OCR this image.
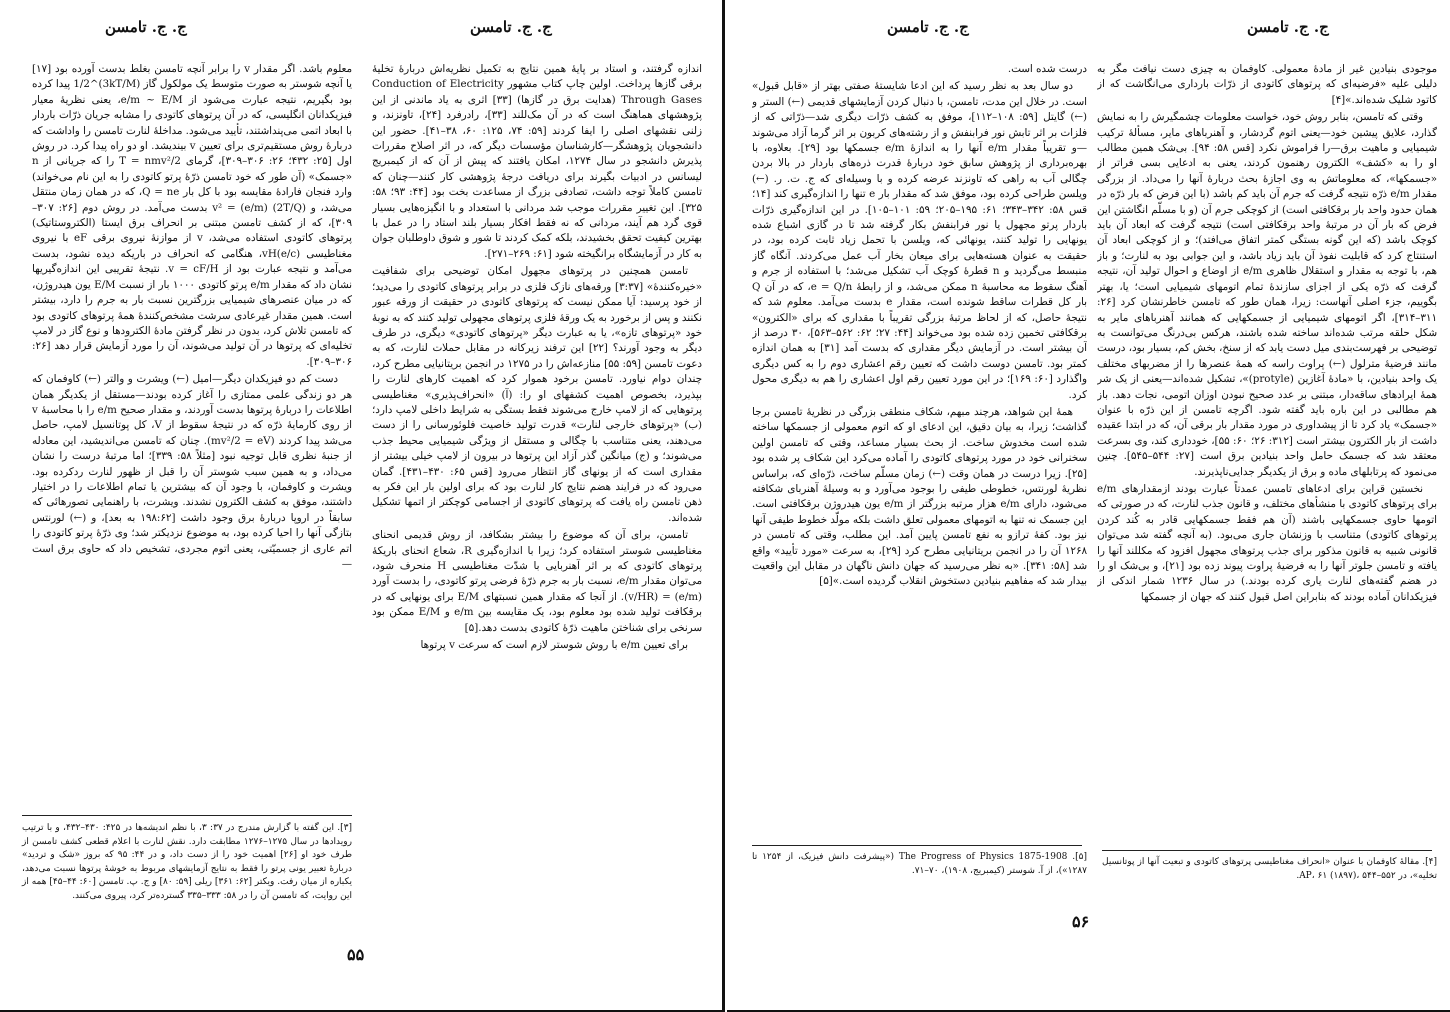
ج. ج. تامسن	ج. ج. تامسن

اندازه گرفتند، و استاد بر پایهٔ همین نتایج به تکمیل نظریه‌اش دربارهٔ تخلیهٔ برقی گازها پرداخت. اولین چاپ کتاب مشهور Conduction of Electricity Through Gases (هدایت برق در گازها) [۳۳] اثری به یاد ماندنی از این پژوهشهای هماهنگ است که در آن مک‌للند [۳۳]، رادرفرد [۲۴]، تاونزند، و زلنی نقشهای اصلی را ایفا کردند [۵۹: ۷۴، ۱۲۵: ۶۰، ۳۸–۴۱]. حضور این دانشجویان پژوهشگر—کارشناسان مؤسسات دیگر که، در اثر اصلاح مقررات پذیرش دانشجو در سال ۱۲۷۴، امکان یافتند که پیش از آن که از کیمبریج لیسانس در ادبیات بگیرند برای دریافت درجهٔ پژوهشی کار کنند—چنان که تامسن کاملاً توجه داشت، تصادفی بزرگ از مساعدت بخت بود [۴۴: ۹۳؛ ۵۸: ۳۲۵]. این تغییر مقررات موجب شد مردانی با استعداد و با انگیزه‌هایی بسیار قوی گرد هم آیند، مردانی که نه فقط افکار بسیار بلند استاد را در عمل با بهترین کیفیت تحقق بخشیدند، بلکه کمک کردند تا شور و شوق داوطلبان جوان به کار در آزمایشگاه برانگیخته شود [۶۱: ۲۶۹–۲۷۱].

تامسن همچنین در پرتوهای مجهول امکان توضیحی برای شفافیت «خیره‌کنندهٔ» [۳:۳۷] ورقه‌های نازک فلزی در برابر پرتوهای کاتودی را می‌دید؛ از خود پرسید: آیا ممکن نیست که پرتوهای کاتودی در حقیقت از ورقه عبور نکنند و پس از برخورد به یک ورقهٔ فلزی پرتوهای مجهولی تولید کنند که به نوبهٔ خود «پرتوهای تازه»، یا به عبارت دیگر «پرتوهای کاتودی» دیگری، در طرف دیگر به وجود آورند؟ [۲۲] این ترفند زیرکانه در مقابل حملات لنارت، که به دعوت تامسن [۵۹: ۵۵] منازعه‌اش را در ۱۲۷۵ در انجمن بریتانیایی مطرح کرد، چندان دوام نیاورد. تامسن برخود هموار کرد که اهمیت کارهای لنارت را بپذیرد، بخصوص اهمیت کشفهای او را: (آ) «انحراف‌پذیری» مغناطیسی پرتوهایی که از لامپ خارج می‌شوند فقط بستگی به شرایط داخلی لامپ دارد؛ (ب) «پرتوهای خارجی لنارت» قدرت تولید خاصیت فلوئورسانی را از دست می‌دهند، یعنی متناسب با چگالی و مستقل از ویژگی شیمیایی محیط جذب می‌شوند؛ و (ج) میانگین گذر آزاد این پرتوها در بیرون از لامپ خیلی بیشتر از مقداری است که از یونهای گاز انتظار می‌رود [قس ۶۵: ۴۳۰–۴۳۱]. گمان می‌رود که در فرایند هضم نتایج کار لنارت بود که برای اولین بار این فکر به ذهن تامسن راه یافت که پرتوهای کاتودی از اجسامی کوچکتر از اتمها تشکیل شده‌اند.

تامسن، برای آن که موضوع را بیشتر بشکافد، از روش قدیمی انحنای مغناطیسی شوستر استفاده کرد؛ زیرا با اندازه‌گیری R، شعاع انحنای باریکهٔ پرتوهای کاتودی که بر اثر آهنربایی با شدّت مغناطیسی H منحرف شود، می‌توان مقدار e/m، نسبت بار به جرم ذرّهٔ فرضی پرتو کاتودی، را بدست آورد (e/m) = (v/HR). از آنجا که مقدار همین نسبتهای E/M برای یونهایی که در برقکافت تولید شده بود معلوم بود، یک مقایسه بین e/m و E/M ممکن بود سرنخی برای شناختن ماهیت ذرّهٔ کاتودی بدست دهد.[۵]

برای تعیین e/m با روش شوستر لازم است که سرعت v پرتوها

معلوم باشد. اگر مقدار v را برابر آنچه تامسن بغلط بدست آورده بود [۱۷] یا آنچه شوستر به صورت متوسط یک مولکول گاز (3kT/M)^1/2 پیدا کرده بود بگیریم، نتیجه عبارت می‌شود از e/m ~ E/M، یعنی نظریهٔ معیار فیزیکدانان انگلیسی، که در آن پرتوهای کاتودی را مشابه جریان ذرّات باردار با ابعاد اتمی می‌پنداشتند، تأیید می‌شود. مداخلهٔ لنارت تامسن را واداشت که دربارهٔ روش مستقیم‌تری برای تعیین v بیندیشد. او دو راه پیدا کرد. در روش اول [۲۵: ۴۳۲؛ ۲۶: ۳۰۶–۳۰۹]، گرمای T = nmv²/2 را که جریانی از n «جسمک» (آن طور که خود تامسن ذرّهٔ پرتو کاتودی را به این نام می‌خواند) وارد فنجان فارادهٔ مقایسه بود با کل بار Q = ne، که در همان زمان منتقل می‌شد، و (2T/Q) v² = (e/m) بدست می‌آمد. در روش دوم [۲۶: ۳۰۷–۳۰۹]، که از کشف تامسن مبتنی بر انحراف برق ایستا (الکتروستاتیک) پرتوهای کاتودی استفاده می‌شد، v از موازنهٔ نیروی برقی eF با نیروی مغناطیسی (e/c)vH، هنگامی که انحراف در باریکه دیده نشود، بدست می‌آمد و نتیجه عبارت بود از v = cF/H. نتیجهٔ تقریبی این اندازه‌گیریها نشان داد که مقدار e/m پرتو کاتودی ۱۰۰۰ بار از نسبت E/M یون هیدروژن، که در میان عنصرهای شیمیایی بزرگترین نسبت بار به جرم را دارد، بیشتر است. همین مقدار غیرعادی سرشت مشخص‌کنندهٔ همهٔ پرتوهای کاتودی بود که تامسن تلاش کرد، بدون در نظر گرفتن مادهٔ الکترودها و نوع گاز در لامپ تخلیه‌ای که پرتوها در آن تولید می‌شوند، آن را مورد آزمایش قرار دهد [۲۶: ۳۰۶–۳۰۹].

دست کم دو فیزیکدان دیگر—امیل (←) ویشرت و والتر (←) کاوفمان که هر دو زندگی علمی ممتازی را آغاز کرده بودند—مستقل از یکدیگر همان اطلاعات را دربارهٔ پرتوها بدست آوردند، و مقدار صحیح e/m را با محاسبهٔ v از روی کارمایهٔ ذرّه که در نتیجهٔ سقوط از V، کل پوتانسیل لامپ، حاصل می‌شد پیدا کردند (mv²/2 = eV). چنان که تامسن می‌اندیشید، این معادله از جنبهٔ نظری قابل توجیه نبود [مثلاً ۵۸: ۳۳۹]؛ اما مرتبهٔ درست را نشان می‌داد، و به همین سبب شوستر آن را قبل از ظهور لنارت ردکرده بود. ویشرت و کاوفمان، با وجود آن که بیشترین یا تمام اطلاعات را در اختیار داشتند، موفق به کشف الکترون نشدند. ویشرت، با راهنمایی تصورهائی که سابقاً در اروپا دربارهٔ برق وجود داشت [۱۹۸:۶۲ به بعد]، و (←) لورنتس بتازگی آنها را احیا کرده بود، به موضوع نزدیکتر شد؛ وی ذرّهٔ پرتو کاتودی را اتم عاری از جسمیّتی، یعنی اتوم مجردی، تشخیص داد که حاوی برق است—

[۳]. این گفته با گزارش مندرج در ۳۷: ۳، با نظم اندیشه‌ها در ۴۲۵: ۴۳۰–۴۳۲، و با ترتیب رویدادها در سال ۱۲۷۵–۱۲۷۶ مطابقت دارد. نقش لنارت با اعلام قطعی کشف تامسن از طرف خود او [۲۶] اهمیت خود را از دست داد، و در ۴۴: ۹۵ که بروز «شک و تردید» دربارهٔ تعبیر یونی پرتو را فقط به نتایج آزمایشهای مربوط به خوشهٔ پرتوها نسبت می‌دهد، یکباره از میان رفت. ویکتر [۶۲: ۳۶۱] ریلی [۵۹: ۸۰] و ج. پ. تامسن [۶۰: ۴۴–۴۵] همه از این روایت، که تامسن آن را در ۵۸: ۳۳۳–۳۳۵ گسترده‌تر کرد، پیروی می‌کنند.
۵۵
ج. ج. تامسن
ج. ج. تامسن

موجودی بنیادین غیر از مادهٔ معمولی. کاوفمان به چیزی دست نیافت مگر به دلیلی علیه «فرضیه‌ای که پرتوهای کاتودی از ذرّات بارداری می‌انگاشت که از کاتود شلیک شده‌اند.»[۴]

وقتی که تامسن، بنابر روش خود، خواست معلومات چشمگیرش را به نمایش گذارد، علایق پیشین خود—یعنی اتوم گردشار، و آهنرباهای مایر، مسألهٔ ترکیب شیمیایی و ماهیت برق—را فراموش نکرد [قس ۵۸: ۹۴]. بی‌شک همین مطالب او را به «کشف» الکترون رهنمون کردند، یعنی به ادعایی بسی فراتر از «جسمکها»، که معلوماتش به وی اجازهٔ بحث دربارهٔ آنها را می‌داد. از بزرگی مقدار e/m ذرّه نتیجه گرفت که جرم آن باید کم باشد (با این فرض که بار ذرّه در همان حدود واحد بار برقکافتی است) از کوچکی جرم آن (و با مسلّم انگاشتن این فرض که بار آن در مرتبهٔ واحد برقکافتی است) نتیجه گرفت که ابعاد آن باید کوچک باشد (که این گونه بستگی کمتر اتفاق می‌افتد)؛ و از کوچکی ابعاد آن استنتاج کرد که قابلیت نفوذ آن باید زیاد باشد، و این جوابی بود به لنارت؛ و باز هم، با توجه به مقدار و استقلال ظاهری e/m از اوضاع و احوال تولید آن، نتیجه گرفت که ذرّه یکی از اجزای سازندهٔ تمام اتومهای شیمیایی است؛ یا، بهتر بگوییم، جزء اصلی آنهاست: زیرا، همان طور که تامسن خاطرنشان کرد [۲۶: ۳۱۱–۳۱۴]، اگر اتومهای شیمیایی از جسمکهایی که همانند آهنرباهای مایر به شکل حلقه مرتب شده‌اند ساخته شده باشند، هرکس بی‌درنگ می‌توانست به توضیحی بر فهرست‌بندی میل دست یابد که از سنخ، بخش کم، بسیار بود، درست مانند فرضیهٔ مترلول (←) پراوت راسه که همهٔ عنصرها را از مضربهای مختلف یک واحد بنیادین، با «مادهٔ آغازین (protyle)»، تشکیل شده‌اند—یعنی از یک شر همهٔ ایرادهای ساقه‌دار، مبتنی بر عدد صحیح نبودن اوزان اتومی، نجات دهد. باز هم مطالبی در این باره باید گفته شود. اگرچه تامسن از این ذرّه با عنوان «جسمک» یاد کرد تا از پیشداوری در مورد مقدار بار برقی آن، که در ابتدا عقیده داشت از بار الکترون بیشتر است [۳۱۲: ۲۶؛ ۶۰: ۵۵]، خودداری کند، وی بسرعت معتقد شد که جسمک حامل واحد بنیادین برق است [۲۷: ۵۴۴–۵۴۵]. چنین می‌نمود که پرتابلهای ماده و برق از یکدیگر جدایی‌ناپذیرند.

نخستین قراین برای ادعاهای تامسن عمدتاً عبارت بودند ازمقدارهای e/m برای پرتوهای کاتودی با منشأهای مختلف، و قانون جذب لنارت، که در صورتی که اتومها حاوی جسمکهایی باشند (آن هم فقط جسمکهایی قادر به کُند کردن پرتوهای کاتودی) متناسب با وزنشان جاری می‌بود. (به آنچه گفته شد می‌توان قانونی شبیه به قانون مذکور برای جذب پرتوهای مجهول افزود که مکللند آنها را یافته و تامسن جلوتر آنها را به فرضیهٔ پراوت پیوند زده بود [۲۱]، و بی‌شک او را در هضم گفته‌های لنارت یاری کرده بودند.) در سال ۱۲۳۶ شمار اندکی از فیزیکدانان آماده بودند که بنابراین اصل قبول کنند که جهان از جسمکها

درست شده است.

دو سال بعد به نظر رسید که این ادعا شایستهٔ صفتی بهتر از «قابل قبول» است. در خلال این مدت، تامسن، با دنبال کردن آزمایشهای قدیمی (←) الستر و (←) گایتل [۵۹: ۱۰۸–۱۱۲]، موفق به کشف ذرّات دیگری شد—ذرّاتی که از فلزات بر اثر تابش نور فرابنفش و از رشته‌های کربون بر اثر گرما آزاد می‌شوند—و تقریباً مقدار e/m آنها را به اندازهٔ e/m جسمکها بود [۲۹]. بعلاوه، با بهره‌برداری از پژوهش سابق خود دربارهٔ قدرت ذره‌های باردار در بالا بردن چگالی آب به راهی که تاونزند عرضه کرده و با وسیله‌ای که ج. ت. ر. (←) ویلسن طراحی کرده بود، موفق شد که مقدار بار e تنها را اندازه‌گیری کند [۱۴؛ قس ۵۸: ۳۴۲–۳۴۳؛ ۶۱: ۱۹۵–۲۰۵؛ ۵۹: ۱۰۱–۱۰۵]. در این اندازه‌گیری ذرّات باردار پرتو مجهول یا نور فرابنفش بکار گرفته شد تا در گازی اشباع شده یونهایی را تولید کنند، یونهائی که، ویلسن با تحمل زیاد ثابت کرده بود، در حقیقت به عنوان هسته‌هایی برای میعان بخار آب عمل می‌کردند. آنگاه گاز منبسط می‌گردید و n قطرهٔ کوچک آب تشکیل می‌شد؛ با استفاده از جرم و آهنگ سقوط مه محاسبهٔ n ممکن می‌شد، و از رابطهٔ e = Q/n، که در آن Q بار کل قطرات ساقط شونده است، مقدار e بدست می‌آمد. معلوم شد که نتیجهٔ حاصل، که از لحاظ مرتبهٔ بزرگی تقریباً با مقداری که برای «الکترون» برقکافتی تخمین زده شده بود می‌خواند [۴۴: ۲۷؛ ۶۲: ۵۶۲–۵۶۳]، ۳۰ درصد از آن بیشتر است. در آزمایش دیگر مقداری که بدست آمد [۳۱] به همان اندازه کمتر بود. تامسن دوست داشت که تعیین رقم اعشاری دوم را به کس دیگری واگذارد [۶۰: ۱۶۹]؛ در این مورد تعیین رقم اول اعشاری را هم به دیگری محول کرد.

همهٔ این شواهد، هرچند مبهم، شکاف منطقی بزرگی در نظریهٔ تامسن برجا گذاشت؛ زیرا، به بیان دقیق، این ادعای او که اتوم معمولی از جسمکها ساخته شده است مخدوش ساخت. از بحث بسیار مساعد، وقتی که تامسن اولین سخنرانی خود در مورد پرتوهای کاتودی را آماده می‌کرد این شکاف پر شده بود [۲۵]. زیرا درست در همان وقت (←) زمان مسلّم ساخت، ذرّه‌ای که، براساس نظریهٔ لورنتس، خطوطی طیفی را بوجود می‌آورد و به وسیلهٔ آهنربای شکافته می‌شود، دارای e/m هزار مرتبه بزرگتر از e/m یون هیدروژن برقکافتی است. این جسمک نه تنها به اتومهای معمولی تعلق داشت بلکه مولّد خطوط طیفی آنها نیز بود. کفهٔ ترازو به نفع تامسن پایین آمد. این مطلب، وقتی که تامسن در ۱۲۶۸ آن را در انجمن بریتانیایی مطرح کرد [۲۹]، به سرعت «مورد تأیید» واقع شد [۵۸: ۳۴۱]. «به نظر می‌رسید که جهان دانش ناگهان در مقابل این واقعیت بیدار شد که مفاهیم بنیادین دستخوش انقلاب گردیده است.»[۵]

[۴]. مقالهٔ کاوفمان با عنوان «انحراف مغناطیسی پرتوهای کاتودی و تبعیت آنها از پوتانسیل تخلیه»، در AP، ۶۱ (۱۸۹۷)، ۵۴۴–۵۵۲.
[۵]. The Progress of Physics 1875-1908 («پیشرفت دانش فیزیک، از ۱۲۵۴ تا ۱۲۸۷»)، از آ. شوستر (کیمبریج، ۱۹۰۸)، ۷۰–۷۱.
۵۶
